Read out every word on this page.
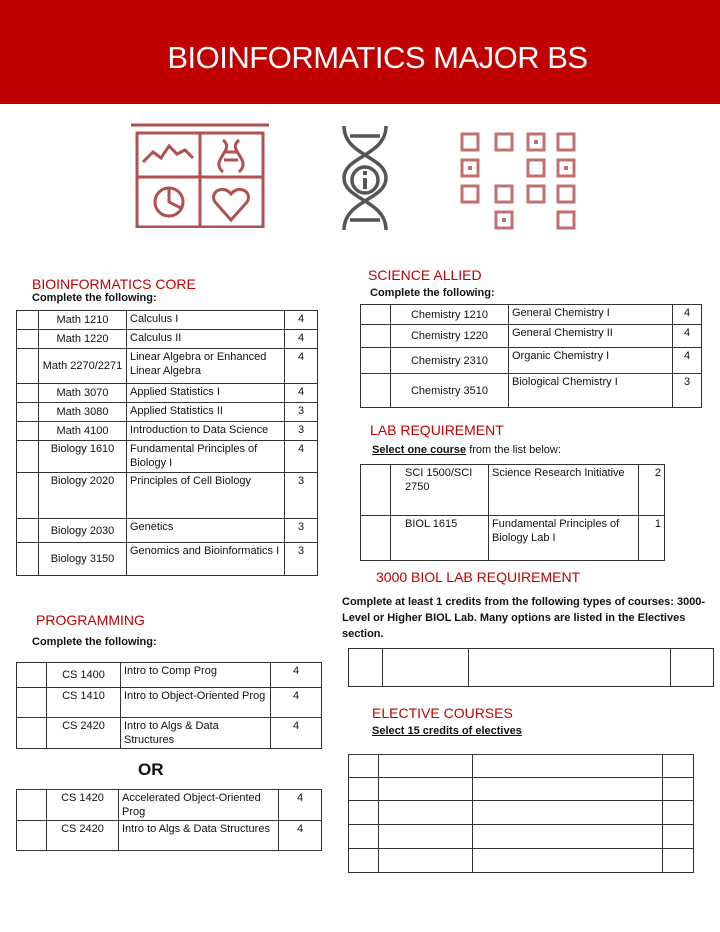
BIOINFORMATICS MAJOR BS
BIOINFORMATICS CORE
Complete the following:
	Math 1210	Calculus I	4
	Math 1220	Calculus II	4
	Math 2270/2271	Linear Algebra or Enhanced Linear Algebra	4
	Math 3070	Applied Statistics I	4
	Math 3080	Applied Statistics II	3
	Math 4100	Introduction to Data Science	3
	Biology 1610	Fundamental Principles of Biology I	4
	Biology 2020	Principles of Cell Biology	3
	Biology 2030	Genetics	3
	Biology 3150	Genomics and Bioinformatics I	3
PROGRAMMING
Complete the following:
	CS 1400	Intro to Comp Prog	4
	CS 1410	Intro to Object-Oriented Prog	4
	CS 2420	Intro to Algs & Data Structures	4
OR
	CS 1420	Accelerated Object-Oriented Prog	4
	CS 2420	Intro to Algs & Data Structures	4
SCIENCE ALLIED
Complete the following:
	Chemistry 1210	General Chemistry I	4
	Chemistry 1220	General Chemistry II	4
	Chemistry 2310	Organic Chemistry I	4
	Chemistry 3510	Biological Chemistry I	3
LAB REQUIREMENT
Select one course from the list below:
	SCI 1500/SCI 2750	Science Research Initiative	2
	BIOL 1615	Fundamental Principles of Biology Lab I	1
3000 BIOL LAB REQUIREMENT
Complete at least 1 credits from the following types of courses: 3000-Level or Higher BIOL Lab. Many options are listed in the Electives section.

ELECTIVE COURSES
Select 15 credits of electives
